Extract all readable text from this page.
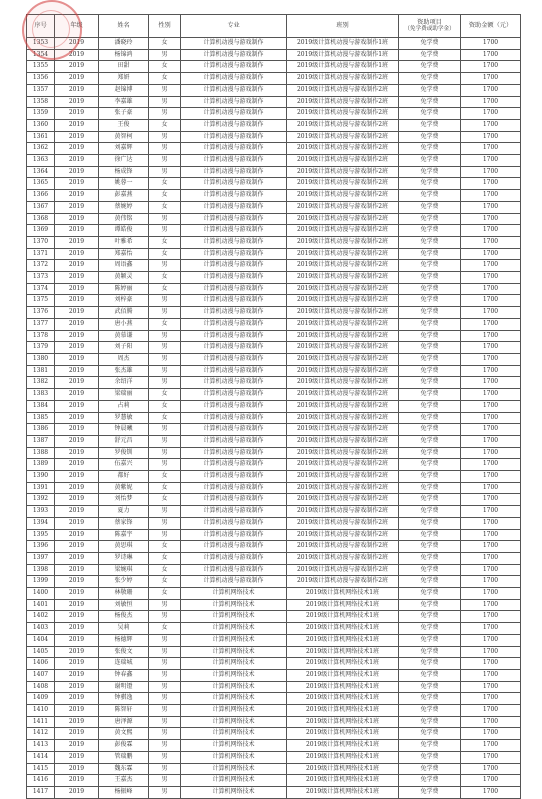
序号	年级	姓名	性别	专业	班别	资助项目
（免学费或助学金）	资助金额（元）
1353	2019	潘晓玲	女	计算机动漫与游戏制作	2019级计算机动漫与游戏制作1班	免学费	1700
1354	2019	杨锦鸿	男	计算机动漫与游戏制作	2019级计算机动漫与游戏制作1班	免学费	1700
1355	2019	田甜	女	计算机动漫与游戏制作	2019级计算机动漫与游戏制作1班	免学费	1700
1356	2019	郑妍	女	计算机动漫与游戏制作	2019级计算机动漫与游戏制作2班	免学费	1700
1357	2019	赵锦博	男	计算机动漫与游戏制作	2019级计算机动漫与游戏制作2班	免学费	1700
1358	2019	李嘉雄	男	计算机动漫与游戏制作	2019级计算机动漫与游戏制作2班	免学费	1700
1359	2019	张子豪	男	计算机动漫与游戏制作	2019级计算机动漫与游戏制作2班	免学费	1700
1360	2019	王俊	女	计算机动漫与游戏制作	2019级计算机动漫与游戏制作2班	免学费	1700
1361	2019	黄智柯	男	计算机动漫与游戏制作	2019级计算机动漫与游戏制作2班	免学费	1700
1362	2019	刘嘉辉	男	计算机动漫与游戏制作	2019级计算机动漫与游戏制作2班	免学费	1700
1363	2019	徐广达	男	计算机动漫与游戏制作	2019级计算机动漫与游戏制作2班	免学费	1700
1364	2019	杨成锋	男	计算机动漫与游戏制作	2019级计算机动漫与游戏制作2班	免学费	1700
1365	2019	姚蓉一	女	计算机动漫与游戏制作	2019级计算机动漫与游戏制作2班	免学费	1700
1366	2019	彭嘉燕	女	计算机动漫与游戏制作	2019级计算机动漫与游戏制作2班	免学费	1700
1367	2019	蔡婉婷	女	计算机动漫与游戏制作	2019级计算机动漫与游戏制作2班	免学费	1700
1368	2019	黄伟铭	男	计算机动漫与游戏制作	2019级计算机动漫与游戏制作2班	免学费	1700
1369	2019	谭皓俊	男	计算机动漫与游戏制作	2019级计算机动漫与游戏制作2班	免学费	1700
1370	2019	叶雅希	女	计算机动漫与游戏制作	2019级计算机动漫与游戏制作2班	免学费	1700
1371	2019	郑嘉怡	女	计算机动漫与游戏制作	2019级计算机动漫与游戏制作2班	免学费	1700
1372	2019	周语鑫	男	计算机动漫与游戏制作	2019级计算机动漫与游戏制作2班	免学费	1700
1373	2019	黄颖灵	女	计算机动漫与游戏制作	2019级计算机动漫与游戏制作2班	免学费	1700
1374	2019	陈婷丽	女	计算机动漫与游戏制作	2019级计算机动漫与游戏制作2班	免学费	1700
1375	2019	刘梓豪	男	计算机动漫与游戏制作	2019级计算机动漫与游戏制作2班	免学费	1700
1376	2019	武佰腾	男	计算机动漫与游戏制作	2019级计算机动漫与游戏制作2班	免学费	1700
1377	2019	唐小燕	女	计算机动漫与游戏制作	2019级计算机动漫与游戏制作2班	免学费	1700
1378	2019	黄慕谦	男	计算机动漫与游戏制作	2019级计算机动漫与游戏制作2班	免学费	1700
1379	2019	刘子阳	男	计算机动漫与游戏制作	2019级计算机动漫与游戏制作2班	免学费	1700
1380	2019	周杰	男	计算机动漫与游戏制作	2019级计算机动漫与游戏制作2班	免学费	1700
1381	2019	张杰雄	男	计算机动漫与游戏制作	2019级计算机动漫与游戏制作2班	免学费	1700
1382	2019	余绍洋	男	计算机动漫与游戏制作	2019级计算机动漫与游戏制作2班	免学费	1700
1383	2019	梁瑞丽	女	计算机动漫与游戏制作	2019级计算机动漫与游戏制作2班	免学费	1700
1384	2019	占莉	女	计算机动漫与游戏制作	2019级计算机动漫与游戏制作2班	免学费	1700
1385	2019	罗慧敏	女	计算机动漫与游戏制作	2019级计算机动漫与游戏制作2班	免学费	1700
1386	2019	钟晨曦	男	计算机动漫与游戏制作	2019级计算机动漫与游戏制作2班	免学费	1700
1387	2019	舒元昌	男	计算机动漫与游戏制作	2019级计算机动漫与游戏制作2班	免学费	1700
1388	2019	罗俊钏	男	计算机动漫与游戏制作	2019级计算机动漫与游戏制作2班	免学费	1700
1389	2019	伍嘉兴	男	计算机动漫与游戏制作	2019级计算机动漫与游戏制作2班	免学费	1700
1390	2019	都好	女	计算机动漫与游戏制作	2019级计算机动漫与游戏制作2班	免学费	1700
1391	2019	黄紫妮	女	计算机动漫与游戏制作	2019级计算机动漫与游戏制作2班	免学费	1700
1392	2019	刘怡梦	女	计算机动漫与游戏制作	2019级计算机动漫与游戏制作2班	免学费	1700
1393	2019	夏力	男	计算机动漫与游戏制作	2019级计算机动漫与游戏制作2班	免学费	1700
1394	2019	蔡家锋	男	计算机动漫与游戏制作	2019级计算机动漫与游戏制作2班	免学费	1700
1395	2019	陈嘉宇	男	计算机动漫与游戏制作	2019级计算机动漫与游戏制作2班	免学费	1700
1396	2019	黄思琪	女	计算机动漫与游戏制作	2019级计算机动漫与游戏制作2班	免学费	1700
1397	2019	罗诗琳	女	计算机动漫与游戏制作	2019级计算机动漫与游戏制作2班	免学费	1700
1398	2019	梁婉琪	女	计算机动漫与游戏制作	2019级计算机动漫与游戏制作2班	免学费	1700
1399	2019	张少婷	女	计算机动漫与游戏制作	2019级计算机动漫与游戏制作2班	免学费	1700
1400	2019	林敬珊	女	计算机网络技术	2019级计算机网络技术1班	免学费	1700
1401	2019	刘敏恒	男	计算机网络技术	2019级计算机网络技术1班	免学费	1700
1402	2019	杨俊杰	男	计算机网络技术	2019级计算机网络技术1班	免学费	1700
1403	2019	吴莉	女	计算机网络技术	2019级计算机网络技术1班	免学费	1700
1404	2019	杨德辉	男	计算机网络技术	2019级计算机网络技术1班	免学费	1700
1405	2019	张俊文	男	计算机网络技术	2019级计算机网络技术1班	免学费	1700
1406	2019	连瑞城	男	计算机网络技术	2019级计算机网络技术1班	免学费	1700
1407	2019	钟春鑫	男	计算机网络技术	2019级计算机网络技术1班	免学费	1700
1408	2019	谢明镫	男	计算机网络技术	2019级计算机网络技术1班	免学费	1700
1409	2019	钟骐逸	男	计算机网络技术	2019级计算机网络技术1班	免学费	1700
1410	2019	陈智轩	男	计算机网络技术	2019级计算机网络技术1班	免学费	1700
1411	2019	唐泽源	男	计算机网络技术	2019级计算机网络技术1班	免学费	1700
1412	2019	黄文熙	男	计算机网络技术	2019级计算机网络技术1班	免学费	1700
1413	2019	彭俊霖	男	计算机网络技术	2019级计算机网络技术1班	免学费	1700
1414	2019	管瑞鹏	男	计算机网络技术	2019级计算机网络技术1班	免学费	1700
1415	2019	魏东霖	男	计算机网络技术	2019级计算机网络技术1班	免学费	1700
1416	2019	王嘉杰	男	计算机网络技术	2019级计算机网络技术1班	免学费	1700
1417	2019	杨振峰	男	计算机网络技术	2019级计算机网络技术1班	免学费	1700
